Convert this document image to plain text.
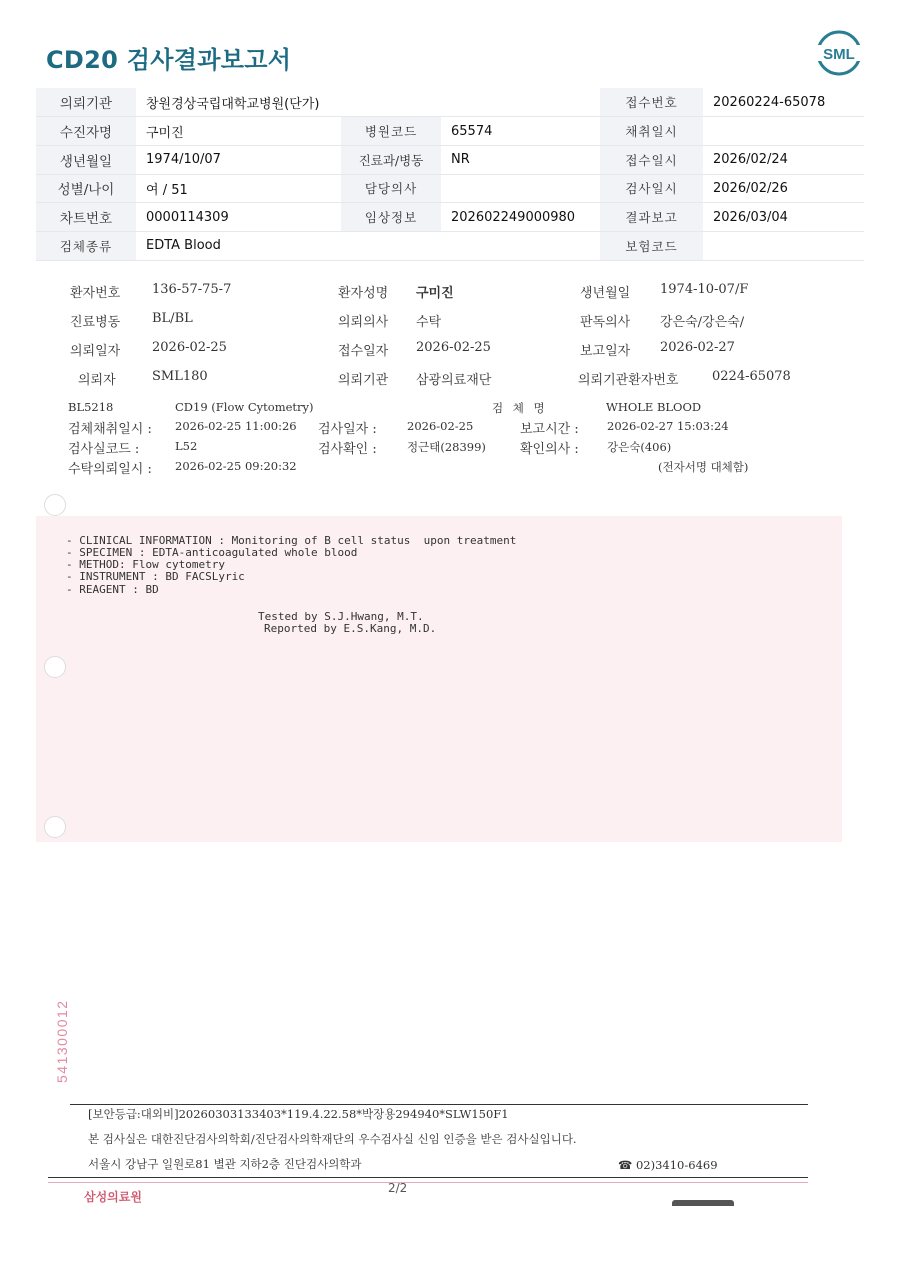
CD20 검사결과보고서	SML
의뢰기관	창원경상국립대학교병원(단가)			접수번호	20260224-65078
수진자명	구미진	병원코드	65574	채취일시	
생년월일	1974/10/07	진료과/병동	NR	접수일시	2026/02/24
성별/나이	여 / 51	담당의사		검사일시	2026/02/26
차트번호	0000114309	임상정보	202602249000980	결과보고	2026/03/04
검체종류	EDTA Blood			보험코드	
환자번호 136-57-75-7	환자성명 구미진	생년월일 1974-10-07/F
진료병동 BL/BL	의뢰의사 수탁	판독의사 강은숙/강은숙/
의뢰일자 2026-02-25	접수일자 2026-02-25	보고일자 2026-02-27
의뢰자	SML180	의뢰기관 삼광의료재단	의뢰기관환자번호	0224-65078
BL5218	CD19 (Flow Cytometry)	검 체 명	WHOLE BLOOD
검체채취일시 : 2026-02-25 11:00:26 검사일자 :	2026-02-25	보고시간 : 2026-02-27 15:03:24
검사실코드 :	L52	검사확인 :	정근태(28399)	확인의사 : 강은숙(406)
수탁의뢰일시 : 2026-02-25 09:20:32	(전자서명 대체함)
- CLINICAL INFORMATION : Monitoring of B cell status  upon treatment
- SPECIMEN : EDTA-anticoagulated whole blood
- METHOD: Flow cytometry
- INSTRUMENT : BD FACSLyric
- REAGENT : BD
Tested by S.J.Hwang, M.T.
Reported by E.S.Kang, M.D.
541300012
[보안등급:대외비]20260303133403*119.4.22.58*박장용294940*SLW150F1
본 검사실은 대한진단검사의학회/진단검사의학재단의 우수검사실 신임 인증을 받은 검사실입니다.
서울시 강남구 일원로81 별관 지하2층 진단검사의학과	☎ 02)3410-6469
삼성의료원
2/2
